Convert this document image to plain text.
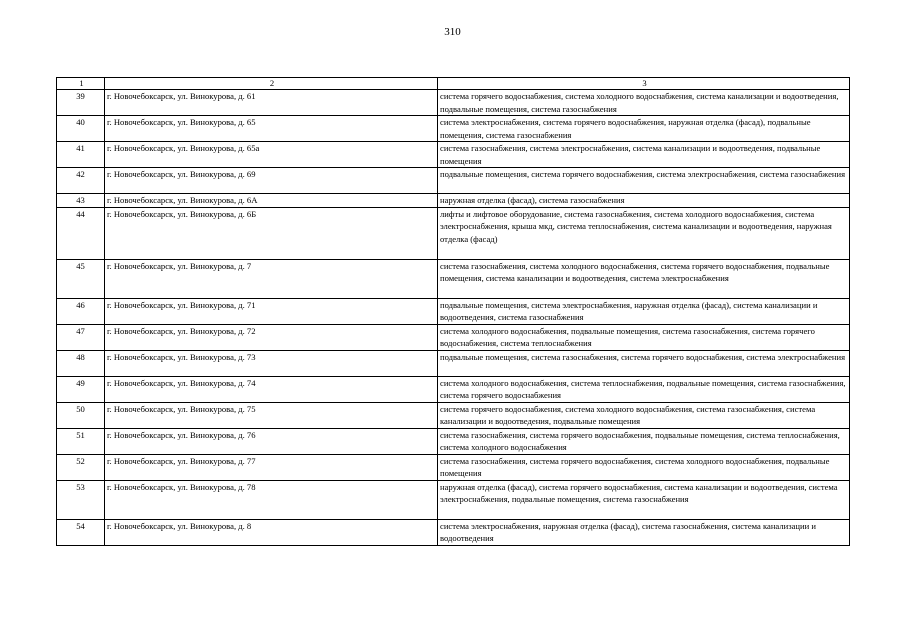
310
1	2	3
39	г. Новочебоксарск, ул. Винокурова, д. 61	система горячего водоснабжения, система холодного водоснабжения, система канализации и водоотведения, подвальные помещения, система газоснабжения
40	г. Новочебоксарск, ул. Винокурова, д. 65	система электроснабжения, система горячего водоснабжения, наружная отделка (фасад), подвальные помещения, система газоснабжения
41	г. Новочебоксарск, ул. Винокурова, д. 65а	система газоснабжения, система электроснабжения, система канализации и водоотведения, подвальные помещения
42	г. Новочебоксарск, ул. Винокурова, д. 69	подвальные помещения, система горячего водоснабжения, система электроснабжения, система газоснабжения
43	г. Новочебоксарск, ул. Винокурова, д. 6А	наружная отделка (фасад), система газоснабжения
44	г. Новочебоксарск, ул. Винокурова, д. 6Б	лифты и лифтовое оборудование, система газоснабжения, система холодного водоснабжения, система электроснабжения, крыша мкд, система теплоснабжения, система канализации и водоотведения, наружная отделка (фасад)
45	г. Новочебоксарск, ул. Винокурова, д. 7	система газоснабжения, система холодного водоснабжения, система горячего водоснабжения, подвальные помещения, система канализации и водоотведения, система электроснабжения
46	г. Новочебоксарск, ул. Винокурова, д. 71	подвальные помещения, система электроснабжения, наружная отделка (фасад), система канализации и водоотведения, система газоснабжения
47	г. Новочебоксарск, ул. Винокурова, д. 72	система холодного водоснабжения, подвальные помещения, система газоснабжения, система горячего водоснабжения, система теплоснабжения
48	г. Новочебоксарск, ул. Винокурова, д. 73	подвальные помещения, система газоснабжения, система горячего водоснабжения, система электроснабжения
49	г. Новочебоксарск, ул. Винокурова, д. 74	система холодного водоснабжения, система теплоснабжения, подвальные помещения, система газоснабжения, система горячего водоснабжения
50	г. Новочебоксарск, ул. Винокурова, д. 75	система горячего водоснабжения, система холодного водоснабжения, система газоснабжения, система канализации и водоотведения, подвальные помещения
51	г. Новочебоксарск, ул. Винокурова, д. 76	система газоснабжения, система горячего водоснабжения, подвальные помещения, система теплоснабжения, система холодного водоснабжения
52	г. Новочебоксарск, ул. Винокурова, д. 77	система газоснабжения, система горячего водоснабжения, система холодного водоснабжения, подвальные помещения
53	г. Новочебоксарск, ул. Винокурова, д. 78	наружная отделка (фасад), система горячего водоснабжения, система канализации и водоотведения, система электроснабжения, подвальные помещения, система газоснабжения
54	г. Новочебоксарск, ул. Винокурова, д. 8	система электроснабжения, наружная отделка (фасад), система газоснабжения, система канализации и водоотведения
